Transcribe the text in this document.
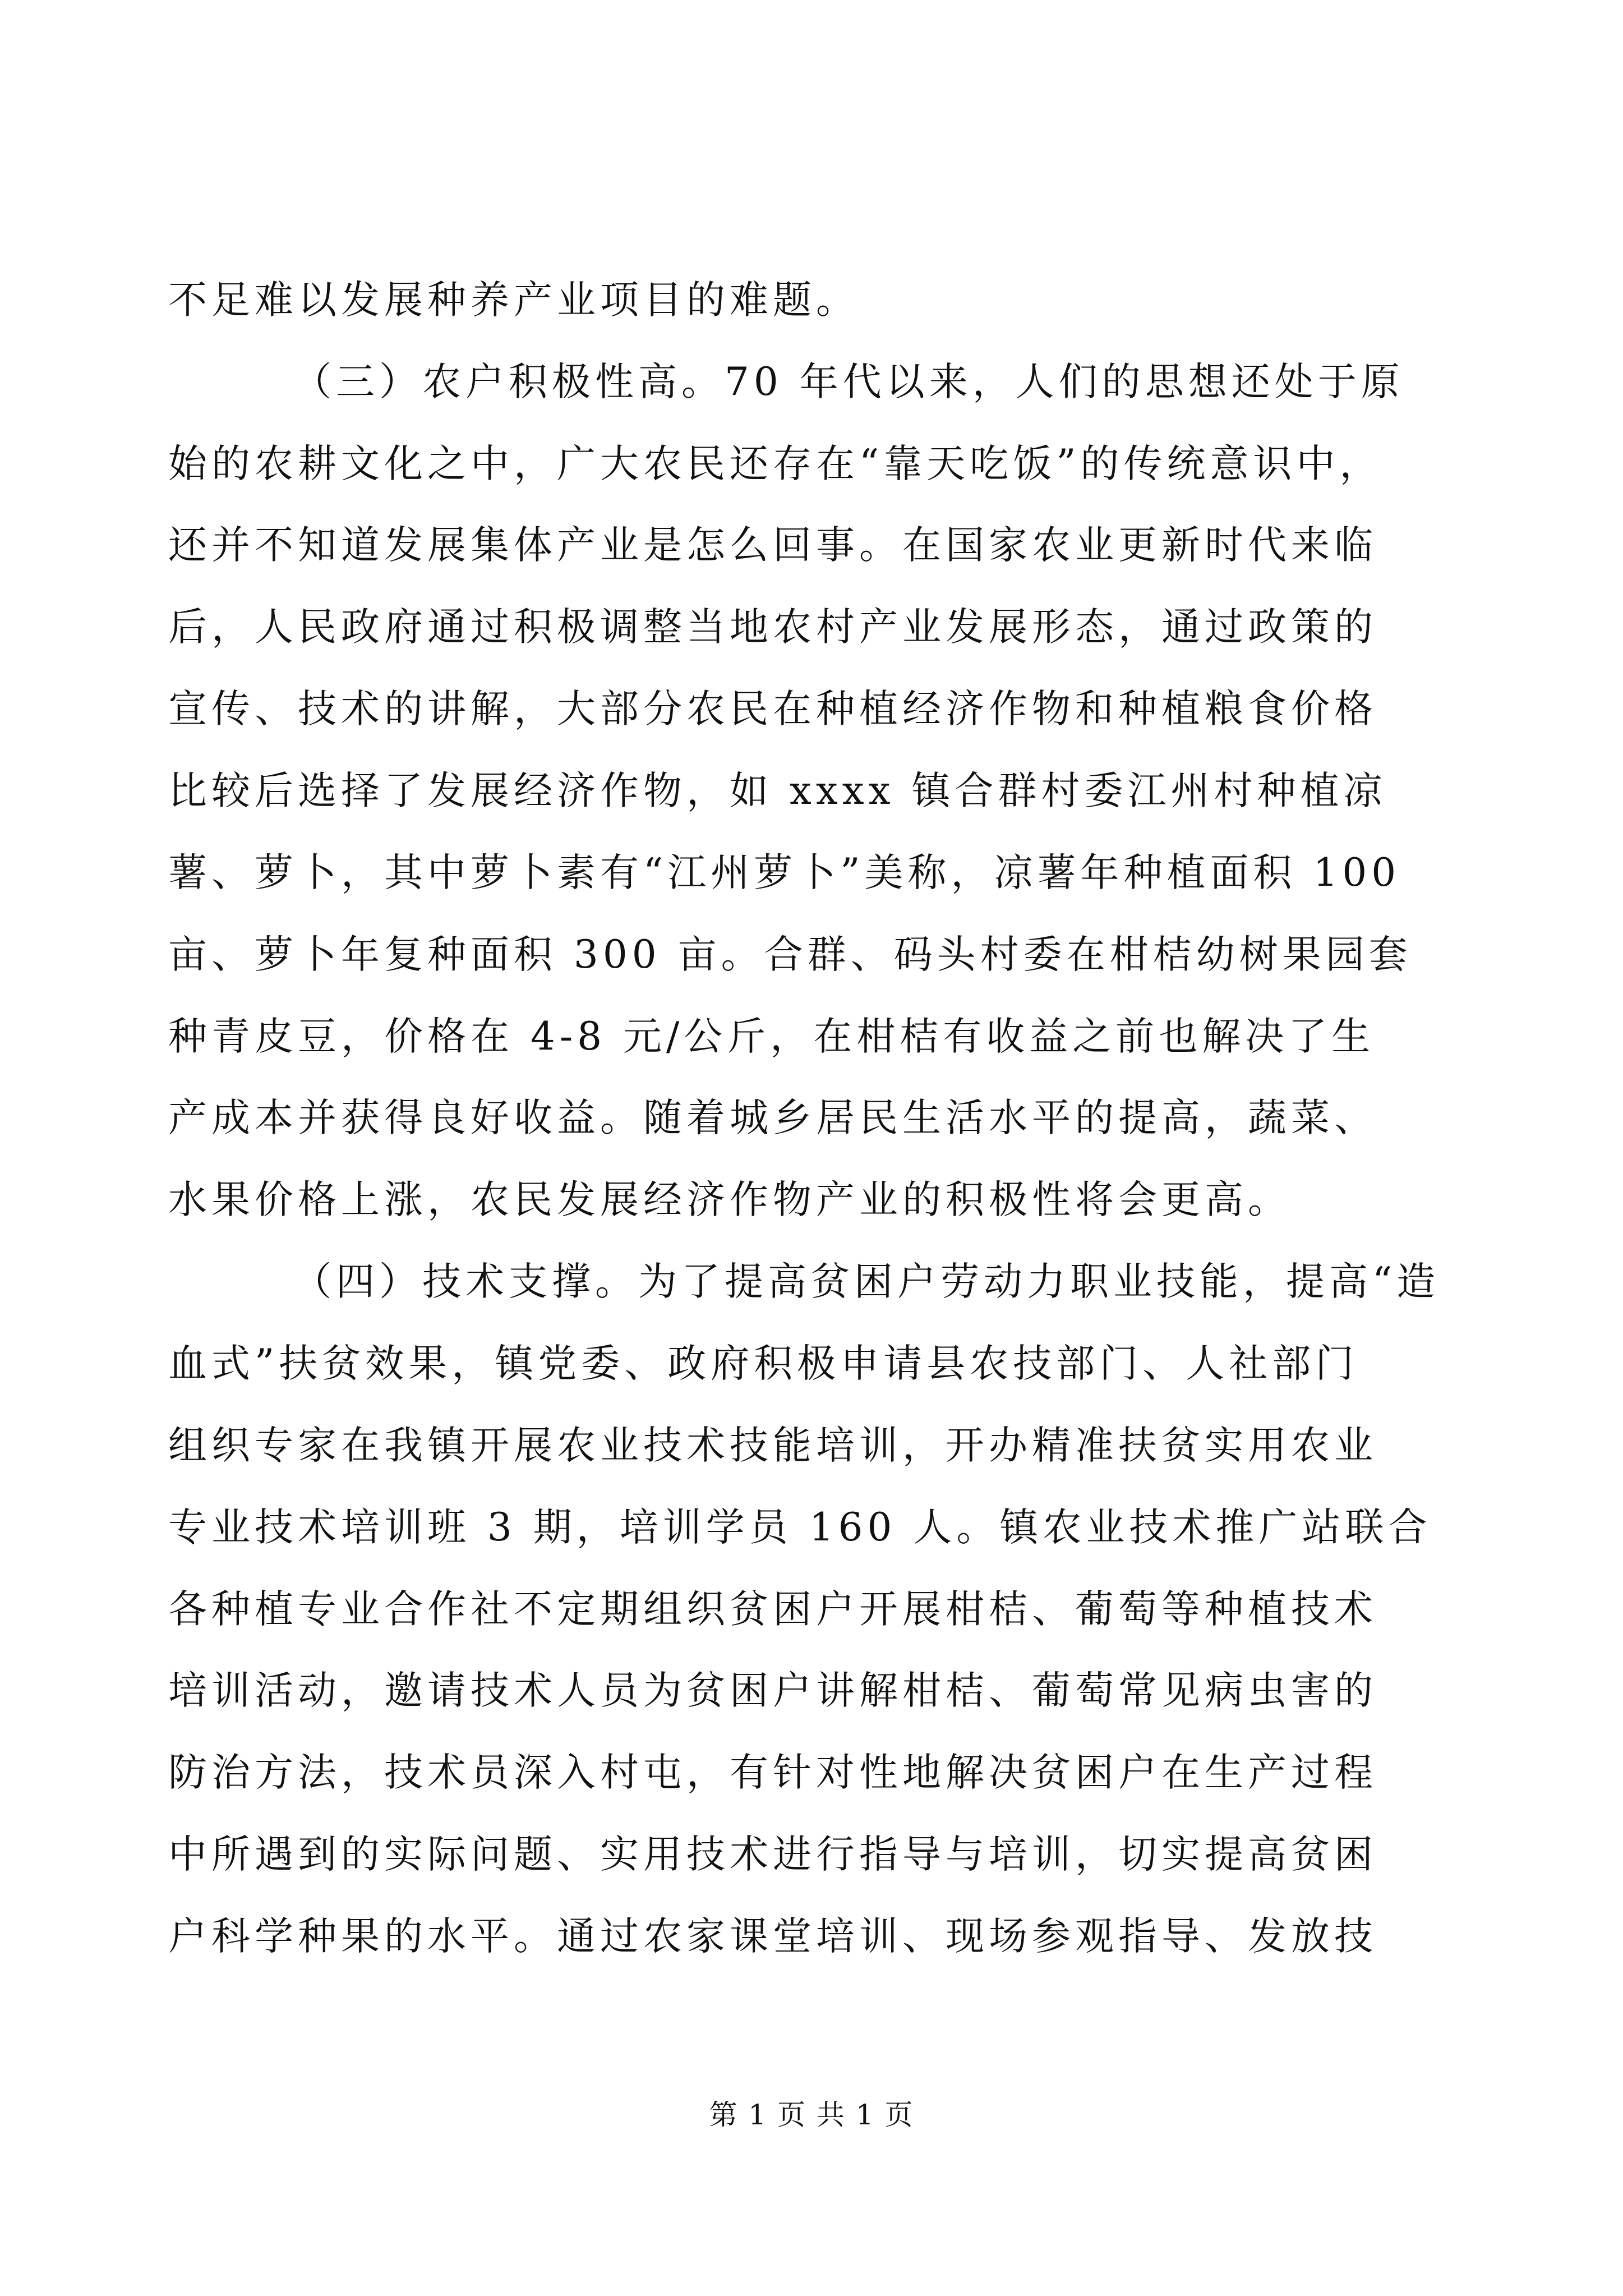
不足难以发展种养产业项目的难题。
（三）农户积极性高。70 年代以来，人们的思想还处于原
始的农耕文化之中，广大农民还存在“靠天吃饭”的传统意识中，
还并不知道发展集体产业是怎么回事。在国家农业更新时代来临
后，人民政府通过积极调整当地农村产业发展形态，通过政策的
宣传、技术的讲解，大部分农民在种植经济作物和种植粮食价格
比较后选择了发展经济作物，如 xxxx 镇合群村委江州村种植凉
薯、萝卜，其中萝卜素有“江州萝卜”美称，凉薯年种植面积 100
亩、萝卜年复种面积 300 亩。合群、码头村委在柑桔幼树果园套
种青皮豆，价格在 4-8 元/公斤，在柑桔有收益之前也解决了生
产成本并获得良好收益。随着城乡居民生活水平的提高，蔬菜、
水果价格上涨，农民发展经济作物产业的积极性将会更高。
（四）技术支撑。为了提高贫困户劳动力职业技能，提高“造
血式”扶贫效果，镇党委、政府积极申请县农技部门、人社部门
组织专家在我镇开展农业技术技能培训，开办精准扶贫实用农业
专业技术培训班 3 期，培训学员 160 人。镇农业技术推广站联合
各种植专业合作社不定期组织贫困户开展柑桔、葡萄等种植技术
培训活动，邀请技术人员为贫困户讲解柑桔、葡萄常见病虫害的
防治方法，技术员深入村屯，有针对性地解决贫困户在生产过程
中所遇到的实际问题、实用技术进行指导与培训，切实提高贫困
户科学种果的水平。通过农家课堂培训、现场参观指导、发放技
第 1 页 共 1 页
